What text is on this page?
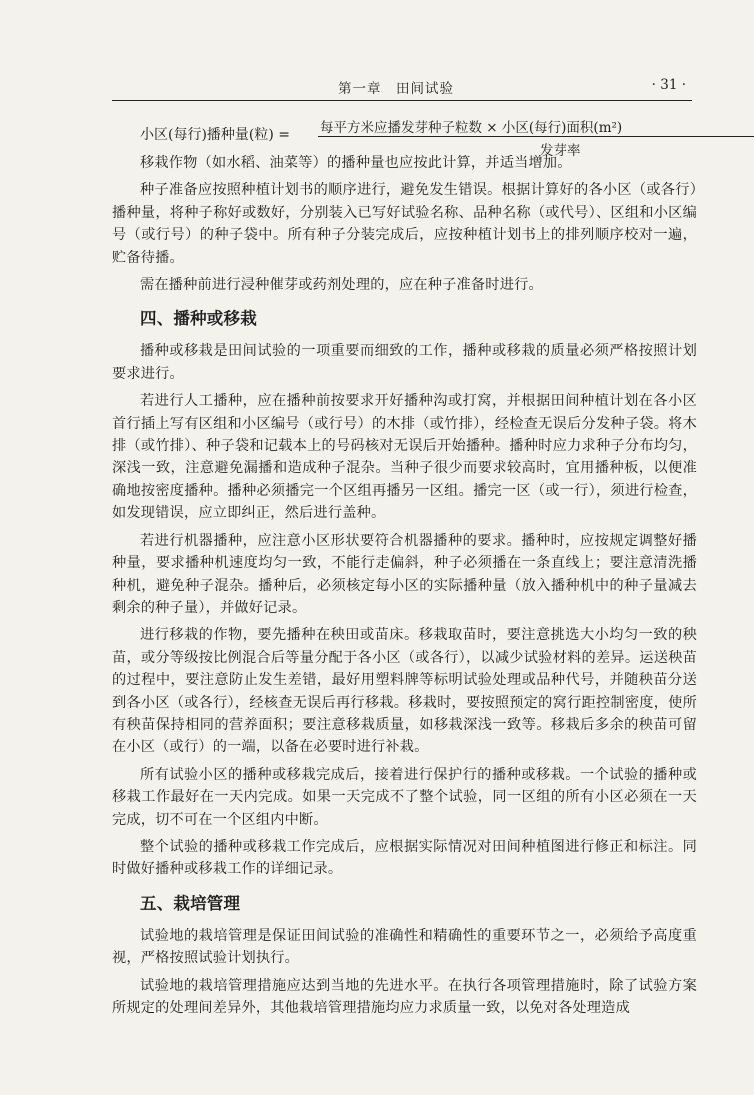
第一章　田间试验	· 31 ·
小区(每行)播种量(粒) = 每平方米应播发芽种子粒数 × 小区(每行)面积(m²)
发芽率

移栽作物（如水稻、油菜等）的播种量也应按此计算，并适当增加。

种子准备应按照种植计划书的顺序进行，避免发生错误。根据计算好的各小区（或各行）播种量，将种子称好或数好，分别装入已写好试验名称、品种名称（或代号）、区组和小区编号（或行号）的种子袋中。所有种子分装完成后，应按种植计划书上的排列顺序校对一遍，贮备待播。

需在播种前进行浸种催芽或药剂处理的，应在种子准备时进行。

四、播种或移栽

播种或移栽是田间试验的一项重要而细致的工作，播种或移栽的质量必须严格按照计划要求进行。

若进行人工播种，应在播种前按要求开好播种沟或打窝，并根据田间种植计划在各小区首行插上写有区组和小区编号（或行号）的木排（或竹排），经检查无误后分发种子袋。将木排（或竹排）、种子袋和记载本上的号码核对无误后开始播种。播种时应力求种子分布均匀，深浅一致，注意避免漏播和造成种子混杂。当种子很少而要求较高时，宜用播种板，以便准确地按密度播种。播种必须播完一个区组再播另一区组。播完一区（或一行），须进行检查，如发现错误，应立即纠正，然后进行盖种。

若进行机器播种，应注意小区形状要符合机器播种的要求。播种时，应按规定调整好播种量，要求播种机速度均匀一致，不能行走偏斜，种子必须播在一条直线上；要注意清洗播种机，避免种子混杂。播种后，必须核定每小区的实际播种量（放入播种机中的种子量减去剩余的种子量），并做好记录。

进行移栽的作物，要先播种在秧田或苗床。移栽取苗时，要注意挑选大小均匀一致的秧苗，或分等级按比例混合后等量分配于各小区（或各行），以减少试验材料的差异。运送秧苗的过程中，要注意防止发生差错，最好用塑料牌等标明试验处理或品种代号，并随秧苗分送到各小区（或各行），经核查无误后再行移栽。移栽时，要按照预定的窝行距控制密度，使所有秧苗保持相同的营养面积；要注意移栽质量，如移栽深浅一致等。移栽后多余的秧苗可留在小区（或行）的一端，以备在必要时进行补栽。

所有试验小区的播种或移栽完成后，接着进行保护行的播种或移栽。一个试验的播种或移栽工作最好在一天内完成。如果一天完成不了整个试验，同一区组的所有小区必须在一天完成，切不可在一个区组内中断。

整个试验的播种或移栽工作完成后，应根据实际情况对田间种植图进行修正和标注。同时做好播种或移栽工作的详细记录。

五、栽培管理

试验地的栽培管理是保证田间试验的准确性和精确性的重要环节之一，必须给予高度重视，严格按照试验计划执行。

试验地的栽培管理措施应达到当地的先进水平。在执行各项管理措施时，除了试验方案所规定的处理间差异外，其他栽培管理措施均应力求质量一致，以免对各处理造成
